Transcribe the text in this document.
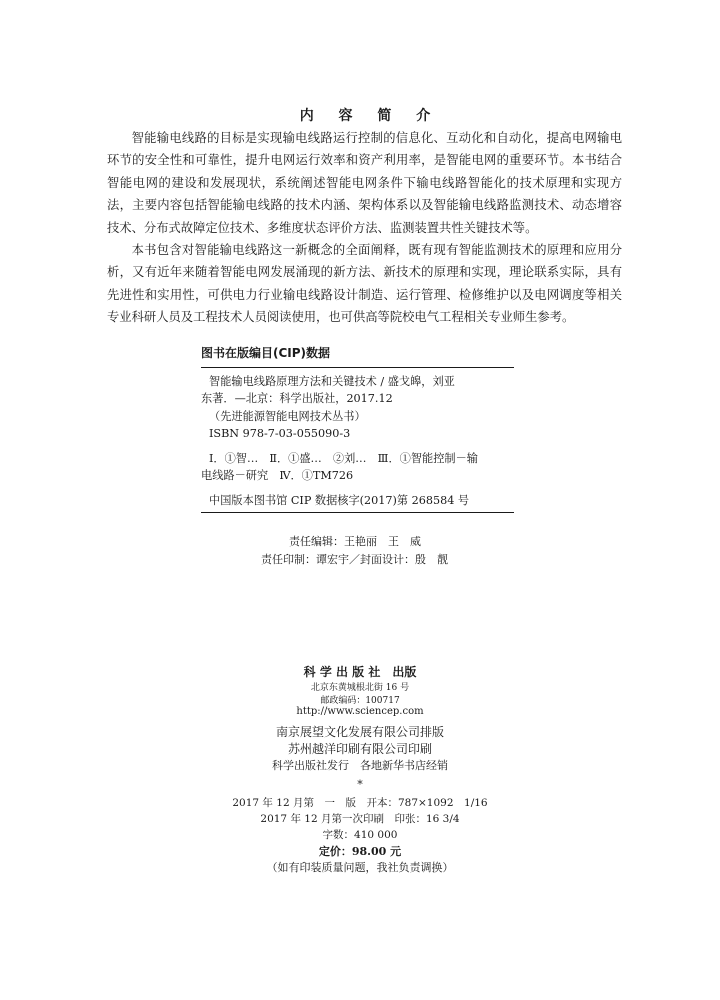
内 容 简 介

智能输电线路的目标是实现输电线路运行控制的信息化、互动化和自动化，提高电网输电环节的安全性和可靠性，提升电网运行效率和资产利用率，是智能电网的重要环节。本书结合智能电网的建设和发展现状，系统阐述智能电网条件下输电线路智能化的技术原理和实现方法，主要内容包括智能输电线路的技术内涵、架构体系以及智能输电线路监测技术、动态增容技术、分布式故障定位技术、多维度状态评价方法、监测装置共性关键技术等。

本书包含对智能输电线路这一新概念的全面阐释，既有现有智能监测技术的原理和应用分析，又有近年来随着智能电网发展涌现的新方法、新技术的原理和实现，理论联系实际，具有先进性和实用性，可供电力行业输电线路设计制造、运行管理、检修维护以及电网调度等相关专业科研人员及工程技术人员阅读使用，也可供高等院校电气工程相关专业师生参考。

图书在版编目(CIP)数据
智能输电线路原理方法和关键技术 / 盛戈皞，刘亚
东著．—北京：科学出版社，2017.12
（先进能源智能电网技术丛书）
ISBN 978-7-03-055090-3
Ⅰ．①智…　Ⅱ．①盛…　②刘…　Ⅲ．①智能控制－输
电线路－研究　Ⅳ．①TM726
中国版本图书馆 CIP 数据核字(2017)第 268584 号
责任编辑：王艳丽　王　威
责任印制：谭宏宇／封面设计：殷　靓
科 学 出 版 社　出版
北京东黄城根北街 16 号
邮政编码：100717
http://www.sciencep.com
南京展望文化发展有限公司排版
苏州越洋印刷有限公司印刷
科学出版社发行　各地新华书店经销
*
2017 年 12 月第　一　版　开本：787×1092　1/16
2017 年 12 月第一次印刷　印张：16 3/4
字数：410 000
定价：98.00 元
（如有印装质量问题，我社负责调换）
